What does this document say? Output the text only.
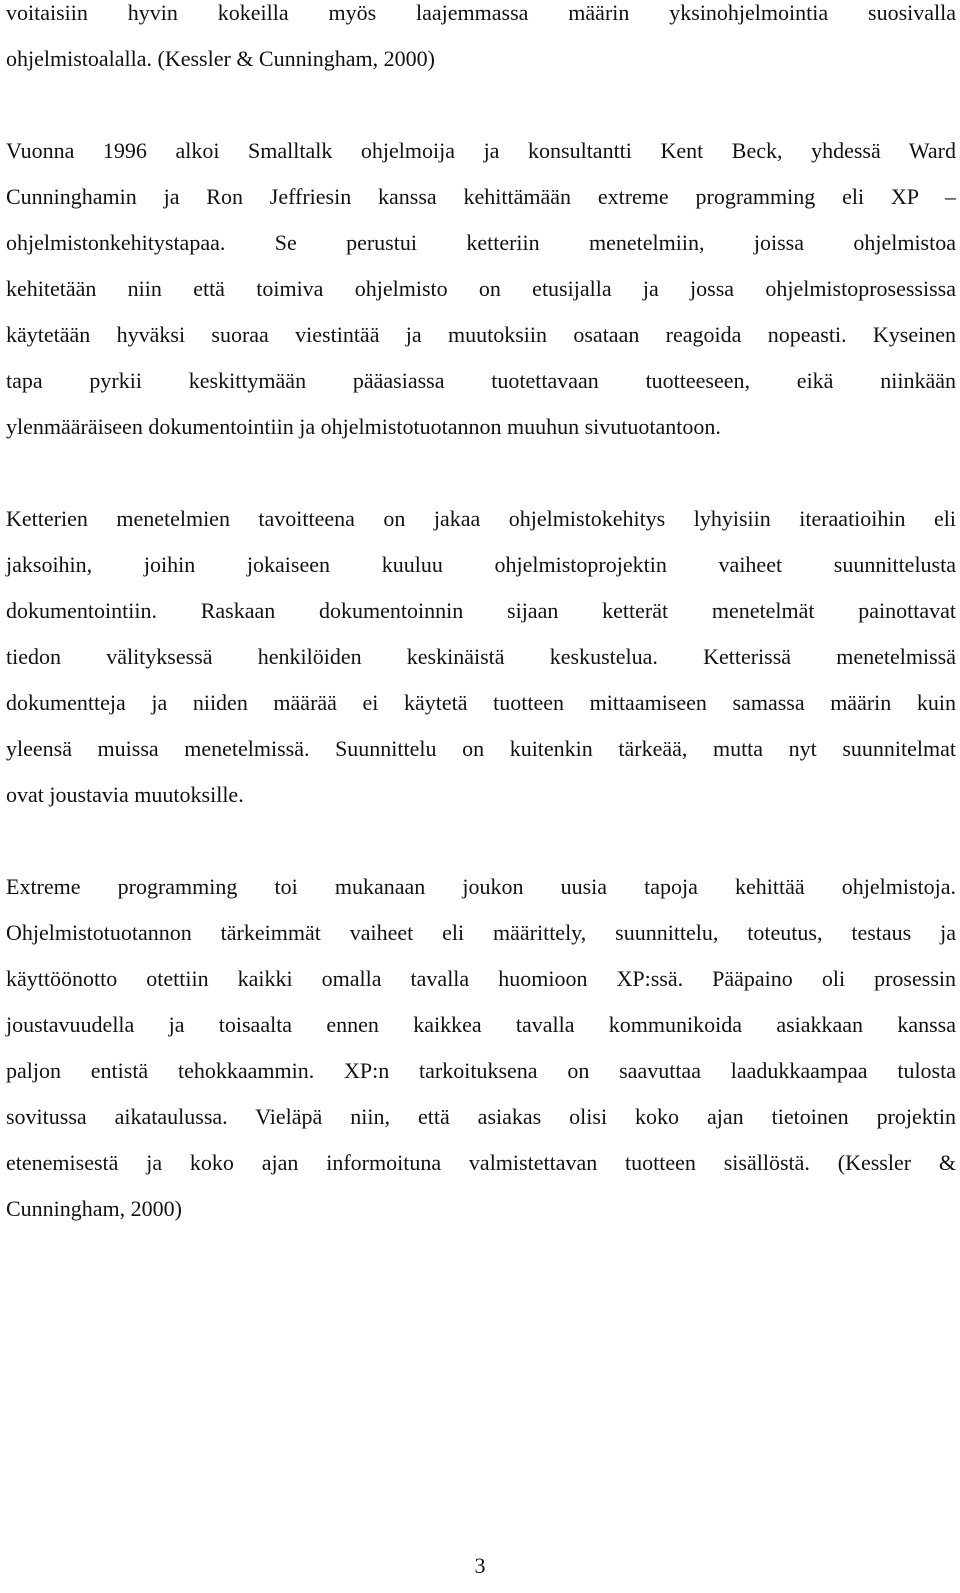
voitaisiin hyvin kokeilla myös laajemmassa määrin yksinohjelmointia suosivalla
ohjelmistoalalla. (Kessler & Cunningham, 2000)

Vuonna 1996 alkoi Smalltalk ohjelmoija ja konsultantti Kent Beck, yhdessä Ward
Cunninghamin ja Ron Jeffriesin kanssa kehittämään extreme programming eli XP –
ohjelmistonkehitystapaa. Se perustui ketteriin menetelmiin, joissa ohjelmistoa
kehitetään niin että toimiva ohjelmisto on etusijalla ja jossa ohjelmistoprosessissa
käytetään hyväksi suoraa viestintää ja muutoksiin osataan reagoida nopeasti. Kyseinen
tapa pyrkii keskittymään pääasiassa tuotettavaan tuotteeseen, eikä niinkään
ylenmääräiseen dokumentointiin ja ohjelmistotuotannon muuhun sivutuotantoon.

Ketterien menetelmien tavoitteena on jakaa ohjelmistokehitys lyhyisiin iteraatioihin eli
jaksoihin, joihin jokaiseen kuuluu ohjelmistoprojektin vaiheet suunnittelusta
dokumentointiin. Raskaan dokumentoinnin sijaan ketterät menetelmät painottavat
tiedon välityksessä henkilöiden keskinäistä keskustelua. Ketterissä menetelmissä
dokumentteja ja niiden määrää ei käytetä tuotteen mittaamiseen samassa määrin kuin
yleensä muissa menetelmissä. Suunnittelu on kuitenkin tärkeää, mutta nyt suunnitelmat
ovat joustavia muutoksille.

Extreme programming toi mukanaan joukon uusia tapoja kehittää ohjelmistoja.
Ohjelmistotuotannon tärkeimmät vaiheet eli määrittely, suunnittelu, toteutus, testaus ja
käyttöönotto otettiin kaikki omalla tavalla huomioon XP:ssä. Pääpaino oli prosessin
joustavuudella ja toisaalta ennen kaikkea tavalla kommunikoida asiakkaan kanssa
paljon entistä tehokkaammin. XP:n tarkoituksena on saavuttaa laadukkaampaa tulosta
sovitussa aikataulussa. Vieläpä niin, että asiakas olisi koko ajan tietoinen projektin
etenemisestä ja koko ajan informoituna valmistettavan tuotteen sisällöstä. (Kessler &
Cunningham, 2000)

3
